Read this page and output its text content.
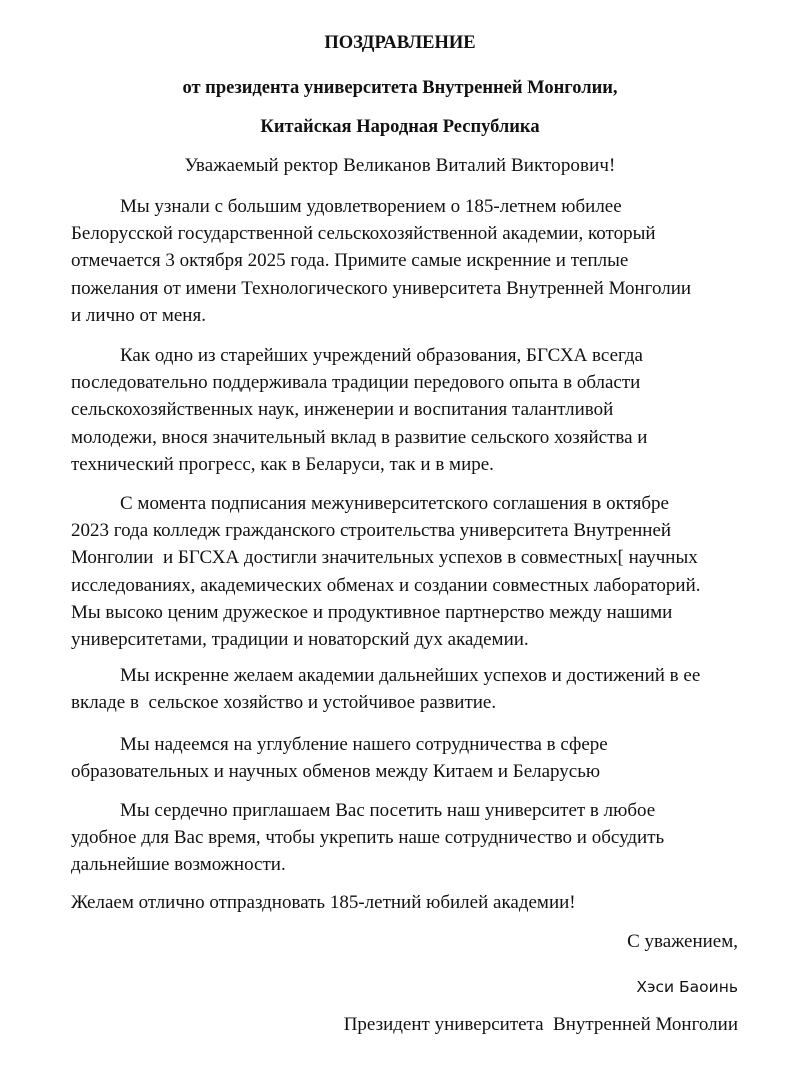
ПОЗДРАВЛЕНИЕ
от президента университета Внутренней Монголии,
Китайская Народная Республика
Уважаемый ректор Великанов Виталий Викторович!
Мы узнали с большим удовлетворением о 185-летнем юбилее
Белорусской государственной сельскохозяйственной академии, который
отмечается 3 октября 2025 года. Примите самые искренние и теплые
пожелания от имени Технологического университета Внутренней Монголии
и лично от меня.
Как одно из старейших учреждений образования, БГСХА всегда
последовательно поддерживала традиции передового опыта в области
сельскохозяйственных наук, инженерии и воспитания талантливой
молодежи, внося значительный вклад в развитие сельского хозяйства и
технический прогресс, как в Беларуси, так и в мире.
С момента подписания межуниверситетского соглашения в октябре
2023 года колледж гражданского строительства университета Внутренней
Монголии  и БГСХА достигли значительных успехов в совместных[ научных
исследованиях, академических обменах и создании совместных лабораторий.
Мы высоко ценим дружеское и продуктивное партнерство между нашими
университетами, традиции и новаторский дух академии.
Мы искренне желаем академии дальнейших успехов и достижений в ее
вкладе в  сельское хозяйство и устойчивое развитие.
Мы надеемся на углубление нашего сотрудничества в сфере
образовательных и научных обменов между Китаем и Беларусью
Мы сердечно приглашаем Вас посетить наш университет в любое
удобное для Вас время, чтобы укрепить наше сотрудничество и обсудить
дальнейшие возможности.
Желаем отлично отпраздновать 185-летний юбилей академии!
С уважением,
Хэси Баоинь
Президент университета  Внутренней Монголии
